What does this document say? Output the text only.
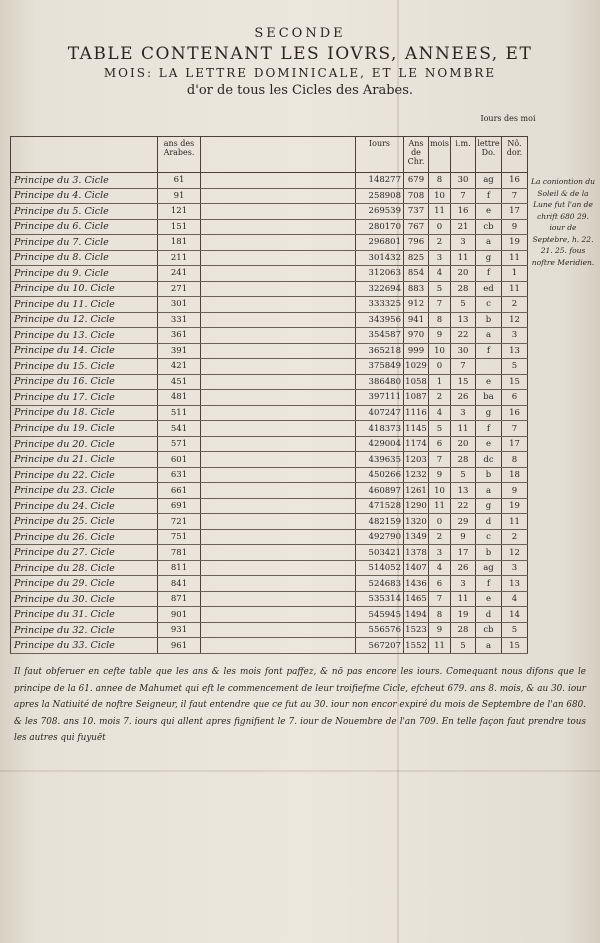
SECONDE
TABLE CONTENANT LES IOVRS, ANNEES, ET
MOIS: LA LETTRE DOMINICALE, ET LE NOMBRE
d'or de tous les Cicles des Arabes.
Iours des moi
	ans des Arabes.		Iours	Ans de Chr.	mois	i.m.	lettre Do.	Nô. dor.
Principe du 3. Cicle	61		148277	679	8	30	ag	16
Principe du 4. Cicle	91		258908	708	10	7	f	7
Principe du 5. Cicle	121		269539	737	11	16	e	17
Principe du 6. Cicle	151		280170	767	0	21	cb	9
Principe du 7. Cicle	181		296801	796	2	3	a	19
Principe du 8. Cicle	211		301432	825	3	11	g	11
Principe du 9. Cicle	241		312063	854	4	20	f	1
Principe du 10. Cicle	271		322694	883	5	28	ed	11
Principe du 11. Cicle	301		333325	912	7	5	c	2
Principe du 12. Cicle	331		343956	941	8	13	b	12
Principe du 13. Cicle	361		354587	970	9	22	a	3
Principe du 14. Cicle	391		365218	999	10	30	f	13
Principe du 15. Cicle	421		375849	1029	0	7		5
Principe du 16. Cicle	451		386480	1058	1	15	e	15
Principe du 17. Cicle	481		397111	1087	2	26	ba	6
Principe du 18. Cicle	511		407247	1116	4	3	g	16
Principe du 19. Cicle	541		418373	1145	5	11	f	7
Principe du 20. Cicle	571		429004	1174	6	20	e	17
Principe du 21. Cicle	601		439635	1203	7	28	dc	8
Principe du 22. Cicle	631		450266	1232	9	5	b	18
Principe du 23. Cicle	661		460897	1261	10	13	a	9
Principe du 24. Cicle	691		471528	1290	11	22	g	19
Principe du 25. Cicle	721		482159	1320	0	29	d	11
Principe du 26. Cicle	751		492790	1349	2	9	c	2
Principe du 27. Cicle	781		503421	1378	3	17	b	12
Principe du 28. Cicle	811		514052	1407	4	26	ag	3
Principe du 29. Cicle	841		524683	1436	6	3	f	13
Principe du 30. Cicle	871		535314	1465	7	11	e	4
Principe du 31. Cicle	901		545945	1494	8	19	d	14
Principe du 32. Cicle	931		556576	1523	9	28	cb	5
Principe du 33. Cicle	961		567207	1552	11	5	a	15
La coniontion du Soleil & de la Lune fut l'an de chrift 680 29. iour de Septebre, h. 22. 21. 25. fous noftre Meridien.
Il faut obferuer en cefte table que les ans & les mois font paffez, & nō pas encore les iours. Comequant nous difons que le principe de la 61. annee de Mahumet qui eft le commencement de leur troifiefme Cicle, efcheut 679. ans 8. mois, & au 30. iour apres la Natiuité de noftre Seigneur, il faut entendre que ce fut au 30. iour non encor expiré du mois de Septembre de l'an 680. & les 708. ans 10. mois 7. iours qui allent apres fignifient le 7. iour de Nouembre de l'an 709. En telle façon faut prendre tous les autres qui fuyuēt
